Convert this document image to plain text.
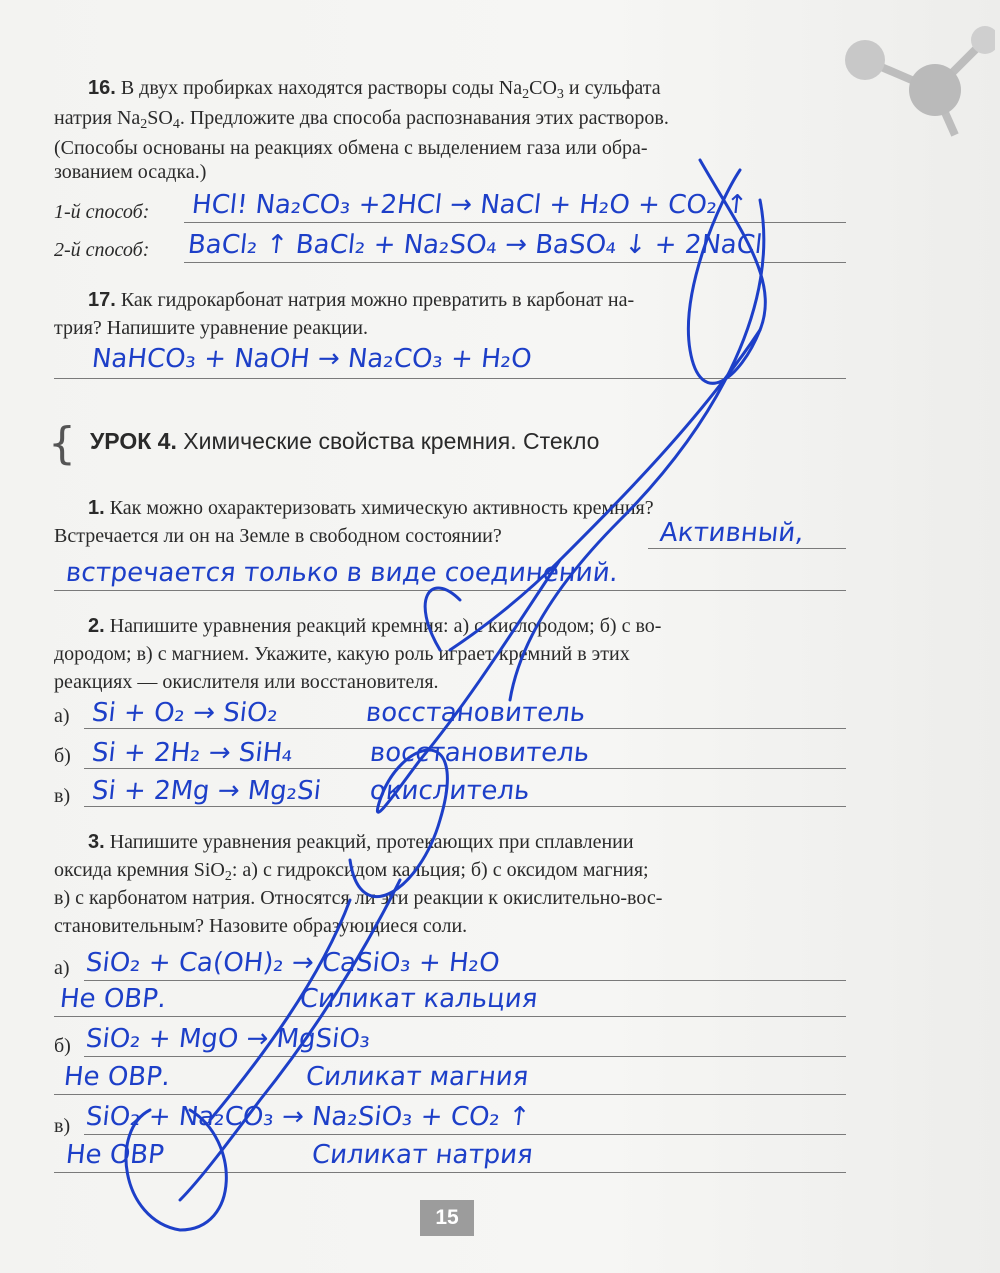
16. В двух пробирках находятся растворы соды $Na_2CO_3$ и сульфата
натрия $Na_2SO_4$. Предложите два способа распознавания этих растворов.
(Способы основаны на реакциях обмена с выделением газа или обра-
зованием осадка.)
1-й способ: HCl! Na₂CO₃ +2HCl → NaCl + H₂O + CO₂ ↑
2-й способ: BaCl₂ ↑ BaCl₂ + Na₂SO₄ → BaSO₄ ↓ + 2NaCl
17. Как гидрокарбонат натрия можно превратить в карбонат на-
трия? Напишите уравнение реакции.
NaHCO₃ + NaOH → Na₂CO₃ + H₂O
{ УРОК 4. Химические свойства кремния. Стекло
1. Как можно охарактеризовать химическую активность кремния?
Встречается ли он на Земле в свободном состоянии?	Активный,
встречается только в виде соединений.
2. Напишите уравнения реакций кремния: а) с кислородом; б) с во-
дородом; в) с магнием. Укажите, какую роль играет кремний в этих
реакциях — окислителя или восстановителя.
а) Si + O₂ → SiO₂	восстановитель
б) Si + 2H₂ → SiH₄	восстановитель
в) Si + 2Mg → Mg₂Si окислитель
3. Напишите уравнения реакций, протекающих при сплавлении
оксида кремния SiO$_2$: а) с гидроксидом кальция; б) с оксидом магния;
в) с карбонатом натрия. Относятся ли эти реакции к окислительно-вос-
становительным? Назовите образующиеся соли.
а) SiO₂ + Ca(OH)₂ → CaSiO₃ + H₂O
Не ОВР.	Силикат кальция
б) SiO₂ + MgO → MgSiO₃
Не ОВР.	Силикат магния
в) SiO₂ + Na₂CO₃ → Na₂SiO₃ + CO₂ ↑
Не ОВР	Силикат натрия
15
